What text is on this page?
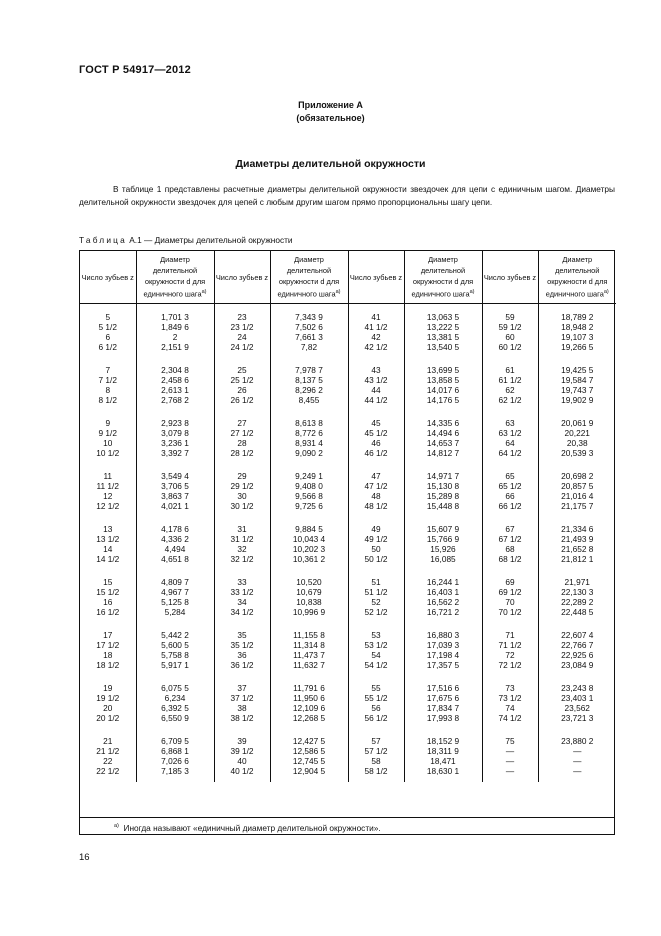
ГОСТ Р 54917—2012
Приложение А
(обязательное)
Диаметры делительной окружности
В таблице 1 представлены расчетные диаметры делительной окружности звездочек для цепи с единичным шагом. Диаметры делительной окружности звездочек для цепей с любым другим шагом прямо пропорциональны шагу цепи.
Таблица А.1 — Диаметры делительной окружности
Число зубьев z	Диаметр делительной окружности d для единичного шага$^{а)}$	Число зубьев z	Диаметр делительной окружности d для единичного шага$^{а)}$	Число зубьев z	Диаметр делительной окружности d для единичного шага$^{а)}$	Число зубьев z	Диаметр делительной окружности d для единичного шага$^{а)}$

5	1,701 3	23	7,343 9	41	13,063 5	59	18,789 2
5 1/2	1,849 6	23 1/2	7,502 6	41 1/2	13,222 5	59 1/2	18,948 2
6	2	24	7,661 3	42	13,381 5	60	19,107 3
6 1/2	2,151 9	24 1/2	7,82	42 1/2	13,540 5	60 1/2	19,266 5

7	2,304 8	25	7,978 7	43	13,699 5	61	19,425 5
7 1/2	2,458 6	25 1/2	8,137 5	43 1/2	13,858 5	61 1/2	19,584 7
8	2,613 1	26	8,296 2	44	14,017 6	62	19,743 7
8 1/2	2,768 2	26 1/2	8,455	44 1/2	14,176 5	62 1/2	19,902 9

9	2,923 8	27	8,613 8	45	14,335 6	63	20,061 9
9 1/2	3,079 8	27 1/2	8,772 6	45 1/2	14,494 6	63 1/2	20,221
10	3,236 1	28	8,931 4	46	14,653 7	64	20,38
10 1/2	3,392 7	28 1/2	9,090 2	46 1/2	14,812 7	64 1/2	20,539 3

11	3,549 4	29	9,249 1	47	14,971 7	65	20,698 2
11 1/2	3,706 5	29 1/2	9,408 0	47 1/2	15,130 8	65 1/2	20,857 5
12	3,863 7	30	9,566 8	48	15,289 8	66	21,016 4
12 1/2	4,021 1	30 1/2	9,725 6	48 1/2	15,448 8	66 1/2	21,175 7

13	4,178 6	31	9,884 5	49	15,607 9	67	21,334 6
13 1/2	4,336 2	31 1/2	10,043 4	49 1/2	15,766 9	67 1/2	21,493 9
14	4,494	32	10,202 3	50	15,926	68	21,652 8
14 1/2	4,651 8	32 1/2	10,361 2	50 1/2	16,085	68 1/2	21,812 1

15	4,809 7	33	10,520	51	16,244 1	69	21,971
15 1/2	4,967 7	33 1/2	10,679	51 1/2	16,403 1	69 1/2	22,130 3
16	5,125 8	34	10,838	52	16,562 2	70	22,289 2
16 1/2	5,284	34 1/2	10,996 9	52 1/2	16,721 2	70 1/2	22,448 5

17	5,442 2	35	11,155 8	53	16,880 3	71	22,607 4
17 1/2	5,600 5	35 1/2	11,314 8	53 1/2	17,039 3	71 1/2	22,766 7
18	5,758 8	36	11,473 7	54	17,198 4	72	22,925 6
18 1/2	5,917 1	36 1/2	11,632 7	54 1/2	17,357 5	72 1/2	23,084 9

19	6,075 5	37	11,791 6	55	17,516 6	73	23,243 8
19 1/2	6,234	37 1/2	11,950 6	55 1/2	17,675 6	73 1/2	23,403 1
20	6,392 5	38	12,109 6	56	17,834 7	74	23,562
20 1/2	6,550 9	38 1/2	12,268 5	56 1/2	17,993 8	74 1/2	23,721 3

21	6,709 5	39	12,427 5	57	18,152 9	75	23,880 2
21 1/2	6,868 1	39 1/2	12,586 5	57 1/2	18,311 9	—	—
22	7,026 6	40	12,745 5	58	18,471	—	—
22 1/2	7,185 3	40 1/2	12,904 5	58 1/2	18,630 1	—	—

$^{а)}$ Иногда называют «единичный диаметр делительной окружности».
16
